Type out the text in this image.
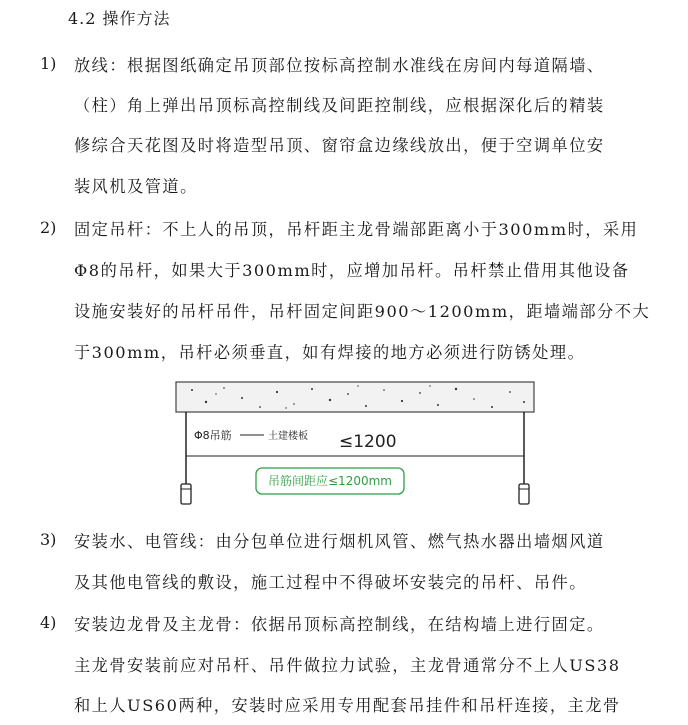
4.2 操作方法
1) 放线：根据图纸确定吊顶部位按标高控制水准线在房间内每道隔墙、
（柱）角上弹出吊顶标高控制线及间距控制线，应根据深化后的精装
修综合天花图及时将造型吊顶、窗帘盒边缘线放出，便于空调单位安
装风机及管道。
2) 固定吊杆：不上人的吊顶，吊杆距主龙骨端部距离小于300mm时，采用
Φ8的吊杆，如果大于300mm时，应增加吊杆。吊杆禁止借用其他设备
设施安装好的吊杆吊件，吊杆固定间距900～1200mm，距墙端部分不大
于300mm，吊杆必须垂直，如有焊接的地方必须进行防锈处理。
Φ8吊筋	土建楼板 ≤1200
吊筋间距应≤1200mm
3) 安装水、电管线：由分包单位进行烟机风管、燃气热水器出墙烟风道
及其他电管线的敷设，施工过程中不得破坏安装完的吊杆、吊件。
4) 安装边龙骨及主龙骨：依据吊顶标高控制线，在结构墙上进行固定。
主龙骨安装前应对吊杆、吊件做拉力试验，主龙骨通常分不上人US38
和上人US60两种，安装时应采用专用配套吊挂件和吊杆连接，主龙骨
